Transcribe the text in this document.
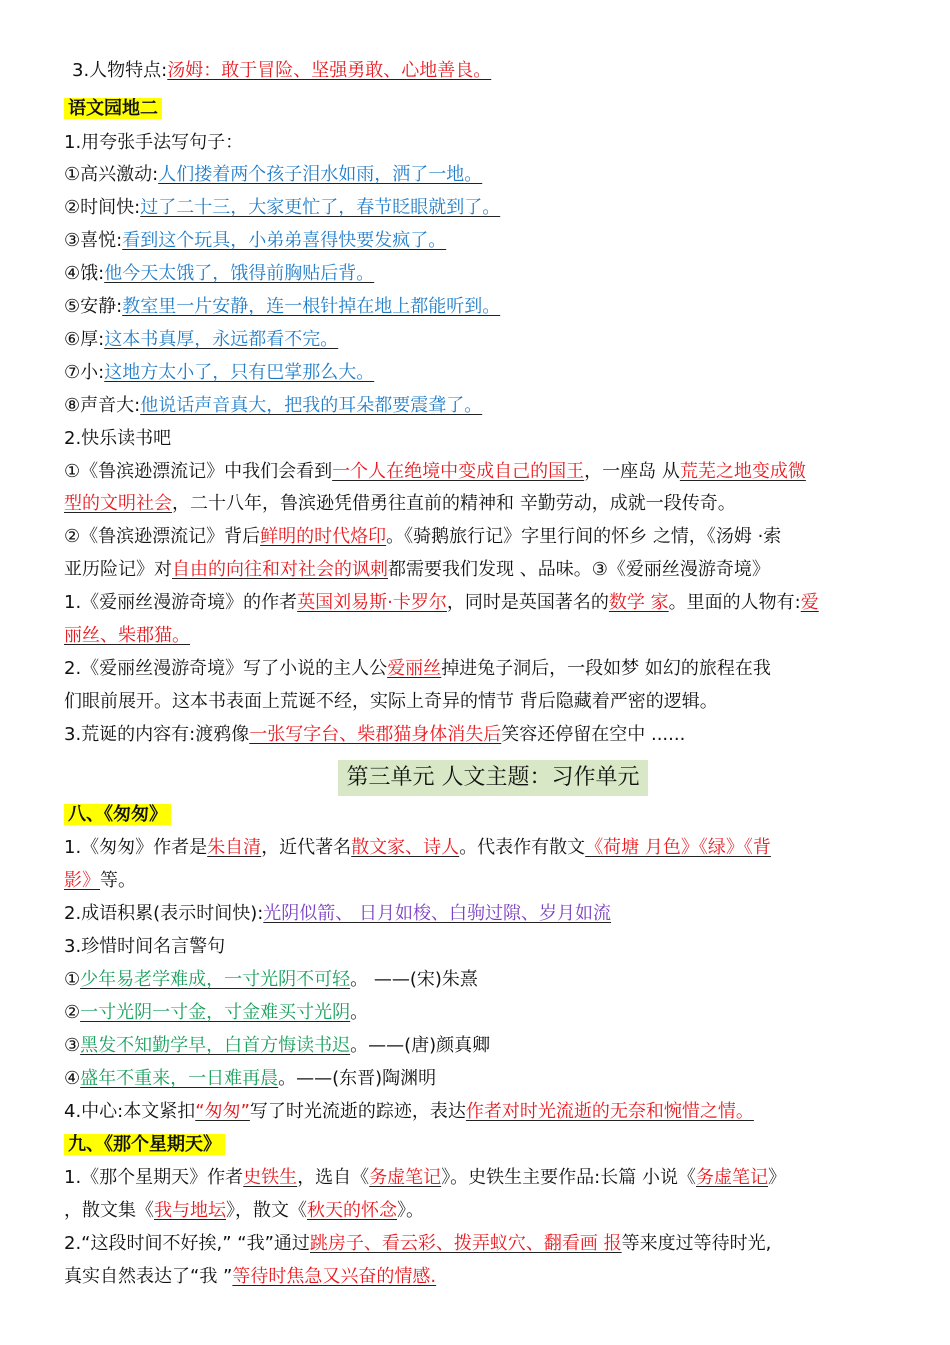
3.人物特点:汤姆：敢于冒险、坚强勇敢、心地善良。
语文园地二
1.用夸张手法写句子：
①高兴激动:人们搂着两个孩子泪水如雨，洒了一地。
②时间快:过了二十三，大家更忙了，春节眨眼就到了。
③喜悦:看到这个玩具，小弟弟喜得快要发疯了。
④饿:他今天太饿了，饿得前胸贴后背。
⑤安静:教室里一片安静，连一根针掉在地上都能听到。
⑥厚:这本书真厚，永远都看不完。
⑦小:这地方太小了，只有巴掌那么大。
⑧声音大:他说话声音真大，把我的耳朵都要震聋了。
2.快乐读书吧
①《鲁滨逊漂流记》中我们会看到一个人在绝境中变成自己的国王，一座岛 从荒芜之地变成微
型的文明社会，二十八年，鲁滨逊凭借勇往直前的精神和 辛勤劳动，成就一段传奇。
②《鲁滨逊漂流记》背后鲜明的时代烙印。《骑鹅旅行记》字里行间的怀乡 之情，《汤姆 ·索
亚历险记》对自由的向往和对社会的讽刺都需要我们发现 、品味。③《爱丽丝漫游奇境》
1.《爱丽丝漫游奇境》的作者英国刘易斯·卡罗尔，同时是英国著名的数学 家。里面的人物有:爱
丽丝、柴郡猫。
2.《爱丽丝漫游奇境》写了小说的主人公爱丽丝掉进兔子洞后，一段如梦 如幻的旅程在我
们眼前展开。这本书表面上荒诞不经，实际上奇异的情节 背后隐藏着严密的逻辑。
3.荒诞的内容有:渡鸦像一张写字台、柴郡猫身体消失后笑容还停留在空中 ......
第三单元 人文主题：习作单元
八、《匆匆》
1.《匆匆》作者是朱自清，近代著名散文家、诗人。代表作有散文《荷塘 月色》《绿》《背
影》等。
2.成语积累(表示时间快):光阴似箭、 日月如梭、白驹过隙、岁月如流
3.珍惜时间名言警句
①少年易老学难成，一寸光阴不可轻。 ——(宋)朱熹
②一寸光阴一寸金，寸金难买寸光阴。
③黑发不知勤学早，白首方悔读书迟。——(唐)颜真卿
④盛年不重来，一日难再晨。——(东晋)陶渊明
4.中心:本文紧扣“匆匆”写了时光流逝的踪迹，表达作者对时光流逝的无奈和惋惜之情。
九、《那个星期天》
1.《那个星期天》作者史铁生，选自《务虚笔记》。史铁生主要作品:长篇 小说《务虚笔记》
，散文集《我与地坛》，散文《秋天的怀念》。
2.“这段时间不好挨,” “我”通过跳房子、看云彩、拨弄蚁穴、翻看画 报等来度过等待时光,
真实自然表达了“我 ”等待时焦急又兴奋的情感.
